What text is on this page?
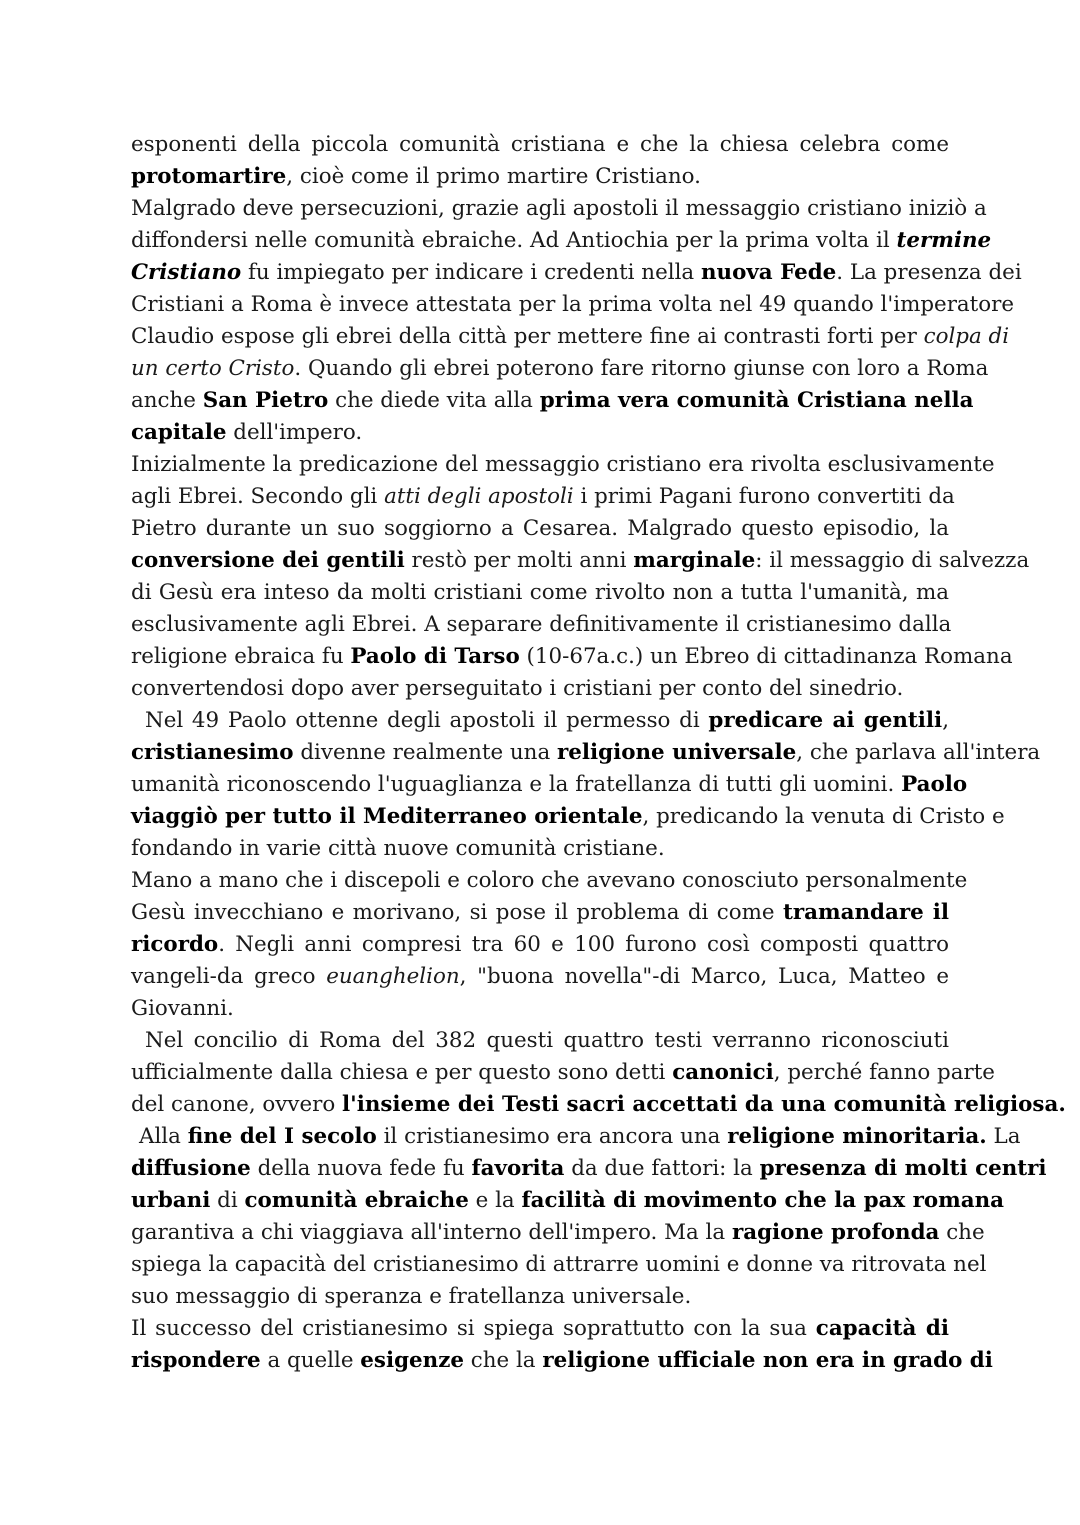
esponenti della piccola comunità cristiana e che la chiesa celebra come
protomartire, cioè come il primo martire Cristiano.
Malgrado deve persecuzioni, grazie agli apostoli il messaggio cristiano iniziò a
diffondersi nelle comunità ebraiche. Ad Antiochia per la prima volta il termine
Cristiano fu impiegato per indicare i credenti nella nuova Fede. La presenza dei
Cristiani a Roma è invece attestata per la prima volta nel 49 quando l'imperatore
Claudio espose gli ebrei della città per mettere fine ai contrasti forti per colpa di
un certo Cristo. Quando gli ebrei poterono fare ritorno giunse con loro a Roma
anche San Pietro che diede vita alla prima vera comunità Cristiana nella
capitale dell'impero.
Inizialmente la predicazione del messaggio cristiano era rivolta esclusivamente
agli Ebrei. Secondo gli atti degli apostoli i primi Pagani furono convertiti da
Pietro durante un suo soggiorno a Cesarea. Malgrado questo episodio, la
conversione dei gentili restò per molti anni marginale: il messaggio di salvezza
di Gesù era inteso da molti cristiani come rivolto non a tutta l'umanità, ma
esclusivamente agli Ebrei. A separare definitivamente il cristianesimo dalla
religione ebraica fu Paolo di Tarso (10-67a.c.) un Ebreo di cittadinanza Romana
convertendosi dopo aver perseguitato i cristiani per conto del sinedrio.
Nel 49 Paolo ottenne degli apostoli il permesso di predicare ai gentili,
cristianesimo divenne realmente una religione universale, che parlava all'intera
umanità riconoscendo l'uguaglianza e la fratellanza di tutti gli uomini. Paolo
viaggiò per tutto il Mediterraneo orientale, predicando la venuta di Cristo e
fondando in varie città nuove comunità cristiane.
Mano a mano che i discepoli e coloro che avevano conosciuto personalmente
Gesù invecchiano e morivano, si pose il problema di come tramandare il
ricordo. Negli anni compresi tra 60 e 100 furono così composti quattro
vangeli-da greco euanghelion, "buona novella"-di Marco, Luca, Matteo e
Giovanni.
Nel concilio di Roma del 382 questi quattro testi verranno riconosciuti
ufficialmente dalla chiesa e per questo sono detti canonici, perché fanno parte
del canone, ovvero l'insieme dei Testi sacri accettati da una comunità religiosa.
Alla fine del I secolo il cristianesimo era ancora una religione minoritaria. La
diffusione della nuova fede fu favorita da due fattori: la presenza di molti centri
urbani di comunità ebraiche e la facilità di movimento che la pax romana
garantiva a chi viaggiava all'interno dell'impero. Ma la ragione profonda che
spiega la capacità del cristianesimo di attrarre uomini e donne va ritrovata nel
suo messaggio di speranza e fratellanza universale.
Il successo del cristianesimo si spiega soprattutto con la sua capacità di
rispondere a quelle esigenze che la religione ufficiale non era in grado di
